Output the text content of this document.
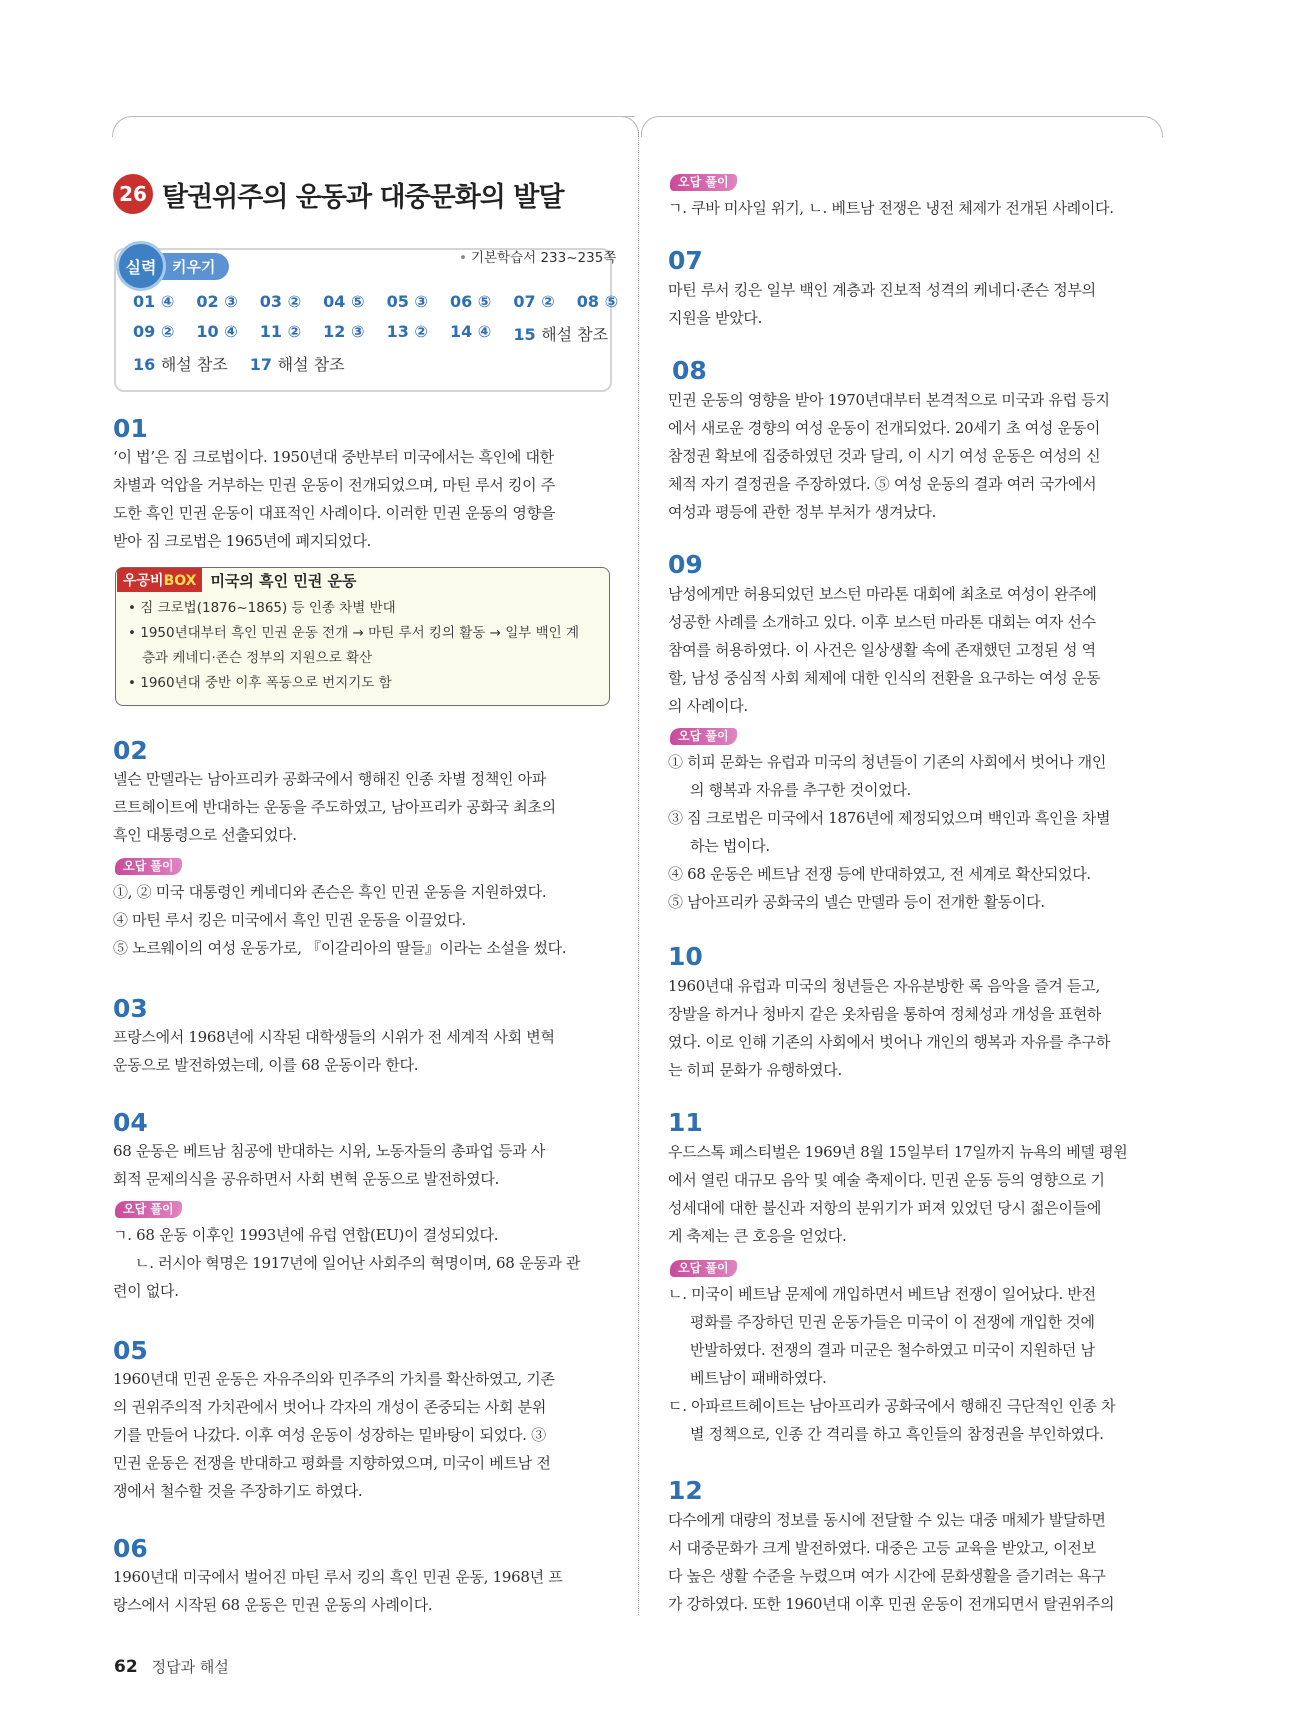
26 탈권위주의 운동과 대중문화의 발달
실력	키우기	• 기본학습서 233~235쪽
01 ④ 02 ③ 03 ② 04 ⑤ 05 ③ 06 ⑤ 07 ② 08 ⑤
09 ② 10 ④ 11 ② 12 ③ 13 ② 14 ④ 15 해설 참조
16 해설 참조 17 해설 참조
01
‘이 법’은 짐 크로법이다. 1950년대 중반부터 미국에서는 흑인에 대한
차별과 억압을 거부하는 민권 운동이 전개되었으며, 마틴 루서 킹이 주
도한 흑인 민권 운동이 대표적인 사례이다. 이러한 민권 운동의 영향을
받아 짐 크로법은 1965년에 폐지되었다.
우공비BOX 미국의 흑인 민권 운동
• 짐 크로법(1876~1865) 등 인종 차별 반대
• 1950년대부터 흑인 민권 운동 전개 → 마틴 루서 킹의 활동 → 일부 백인 계
층과 케네디·존슨 정부의 지원으로 확산
• 1960년대 중반 이후 폭동으로 번지기도 함
02
넬슨 만델라는 남아프리카 공화국에서 행해진 인종 차별 정책인 아파
르트헤이트에 반대하는 운동을 주도하였고, 남아프리카 공화국 최초의
흑인 대통령으로 선출되었다.
오답 풀이
①, ② 미국 대통령인 케네디와 존슨은 흑인 민권 운동을 지원하였다.
④ 마틴 루서 킹은 미국에서 흑인 민권 운동을 이끌었다.
⑤ 노르웨이의 여성 운동가로, 『이갈리아의 딸들』이라는 소설을 썼다.
03
프랑스에서 1968년에 시작된 대학생들의 시위가 전 세계적 사회 변혁
운동으로 발전하였는데, 이를 68 운동이라 한다.
04
68 운동은 베트남 침공에 반대하는 시위, 노동자들의 총파업 등과 사
회적 문제의식을 공유하면서 사회 변혁 운동으로 발전하였다.
오답 풀이
ㄱ. 68 운동 이후인 1993년에 유럽 연합(EU)이 결성되었다.
ㄴ. 러시아 혁명은 1917년에 일어난 사회주의 혁명이며, 68 운동과 관
련이 없다.
05
1960년대 민권 운동은 자유주의와 민주주의 가치를 확산하였고, 기존
의 권위주의적 가치관에서 벗어나 각자의 개성이 존중되는 사회 분위
기를 만들어 나갔다. 이후 여성 운동이 성장하는 밑바탕이 되었다. ③
민권 운동은 전쟁을 반대하고 평화를 지향하였으며, 미국이 베트남 전
쟁에서 철수할 것을 주장하기도 하였다.
06
1960년대 미국에서 벌어진 마틴 루서 킹의 흑인 민권 운동, 1968년 프
랑스에서 시작된 68 운동은 민권 운동의 사례이다.
오답 풀이
ㄱ. 쿠바 미사일 위기, ㄴ. 베트남 전쟁은 냉전 체제가 전개된 사례이다.
07
마틴 루서 킹은 일부 백인 계층과 진보적 성격의 케네디·존슨 정부의
지원을 받았다.
08
민권 운동의 영향을 받아 1970년대부터 본격적으로 미국과 유럽 등지
에서 새로운 경향의 여성 운동이 전개되었다. 20세기 초 여성 운동이
참정권 확보에 집중하였던 것과 달리, 이 시기 여성 운동은 여성의 신
체적 자기 결정권을 주장하였다. ⑤ 여성 운동의 결과 여러 국가에서
여성과 평등에 관한 정부 부처가 생겨났다.
09
남성에게만 허용되었던 보스턴 마라톤 대회에 최초로 여성이 완주에
성공한 사례를 소개하고 있다. 이후 보스턴 마라톤 대회는 여자 선수
참여를 허용하였다. 이 사건은 일상생활 속에 존재했던 고정된 성 역
할, 남성 중심적 사회 체제에 대한 인식의 전환을 요구하는 여성 운동
의 사례이다.
오답 풀이
① 히피 문화는 유럽과 미국의 청년들이 기존의 사회에서 벗어나 개인
의 행복과 자유를 추구한 것이었다.
③ 짐 크로법은 미국에서 1876년에 제정되었으며 백인과 흑인을 차별
하는 법이다.
④ 68 운동은 베트남 전쟁 등에 반대하였고, 전 세계로 확산되었다.
⑤ 남아프리카 공화국의 넬슨 만델라 등이 전개한 활동이다.
10
1960년대 유럽과 미국의 청년들은 자유분방한 록 음악을 즐겨 듣고,
장발을 하거나 청바지 같은 옷차림을 통하여 정체성과 개성을 표현하
였다. 이로 인해 기존의 사회에서 벗어나 개인의 행복과 자유를 추구하
는 히피 문화가 유행하였다.
11
우드스톡 페스티벌은 1969년 8월 15일부터 17일까지 뉴욕의 베델 평원
에서 열린 대규모 음악 및 예술 축제이다. 민권 운동 등의 영향으로 기
성세대에 대한 불신과 저항의 분위기가 퍼져 있었던 당시 젊은이들에
게 축제는 큰 호응을 얻었다.
오답 풀이
ㄴ. 미국이 베트남 문제에 개입하면서 베트남 전쟁이 일어났다. 반전
평화를 주장하던 민권 운동가들은 미국이 이 전쟁에 개입한 것에
반발하였다. 전쟁의 결과 미군은 철수하였고 미국이 지원하던 남
베트남이 패배하였다.
ㄷ. 아파르트헤이트는 남아프리카 공화국에서 행해진 극단적인 인종 차
별 정책으로, 인종 간 격리를 하고 흑인들의 참정권을 부인하였다.
12
다수에게 대량의 정보를 동시에 전달할 수 있는 대중 매체가 발달하면
서 대중문화가 크게 발전하였다. 대중은 고등 교육을 받았고, 이전보
다 높은 생활 수준을 누렸으며 여가 시간에 문화생활을 즐기려는 욕구
가 강하였다. 또한 1960년대 이후 민권 운동이 전개되면서 탈권위주의
62 정답과 해설
